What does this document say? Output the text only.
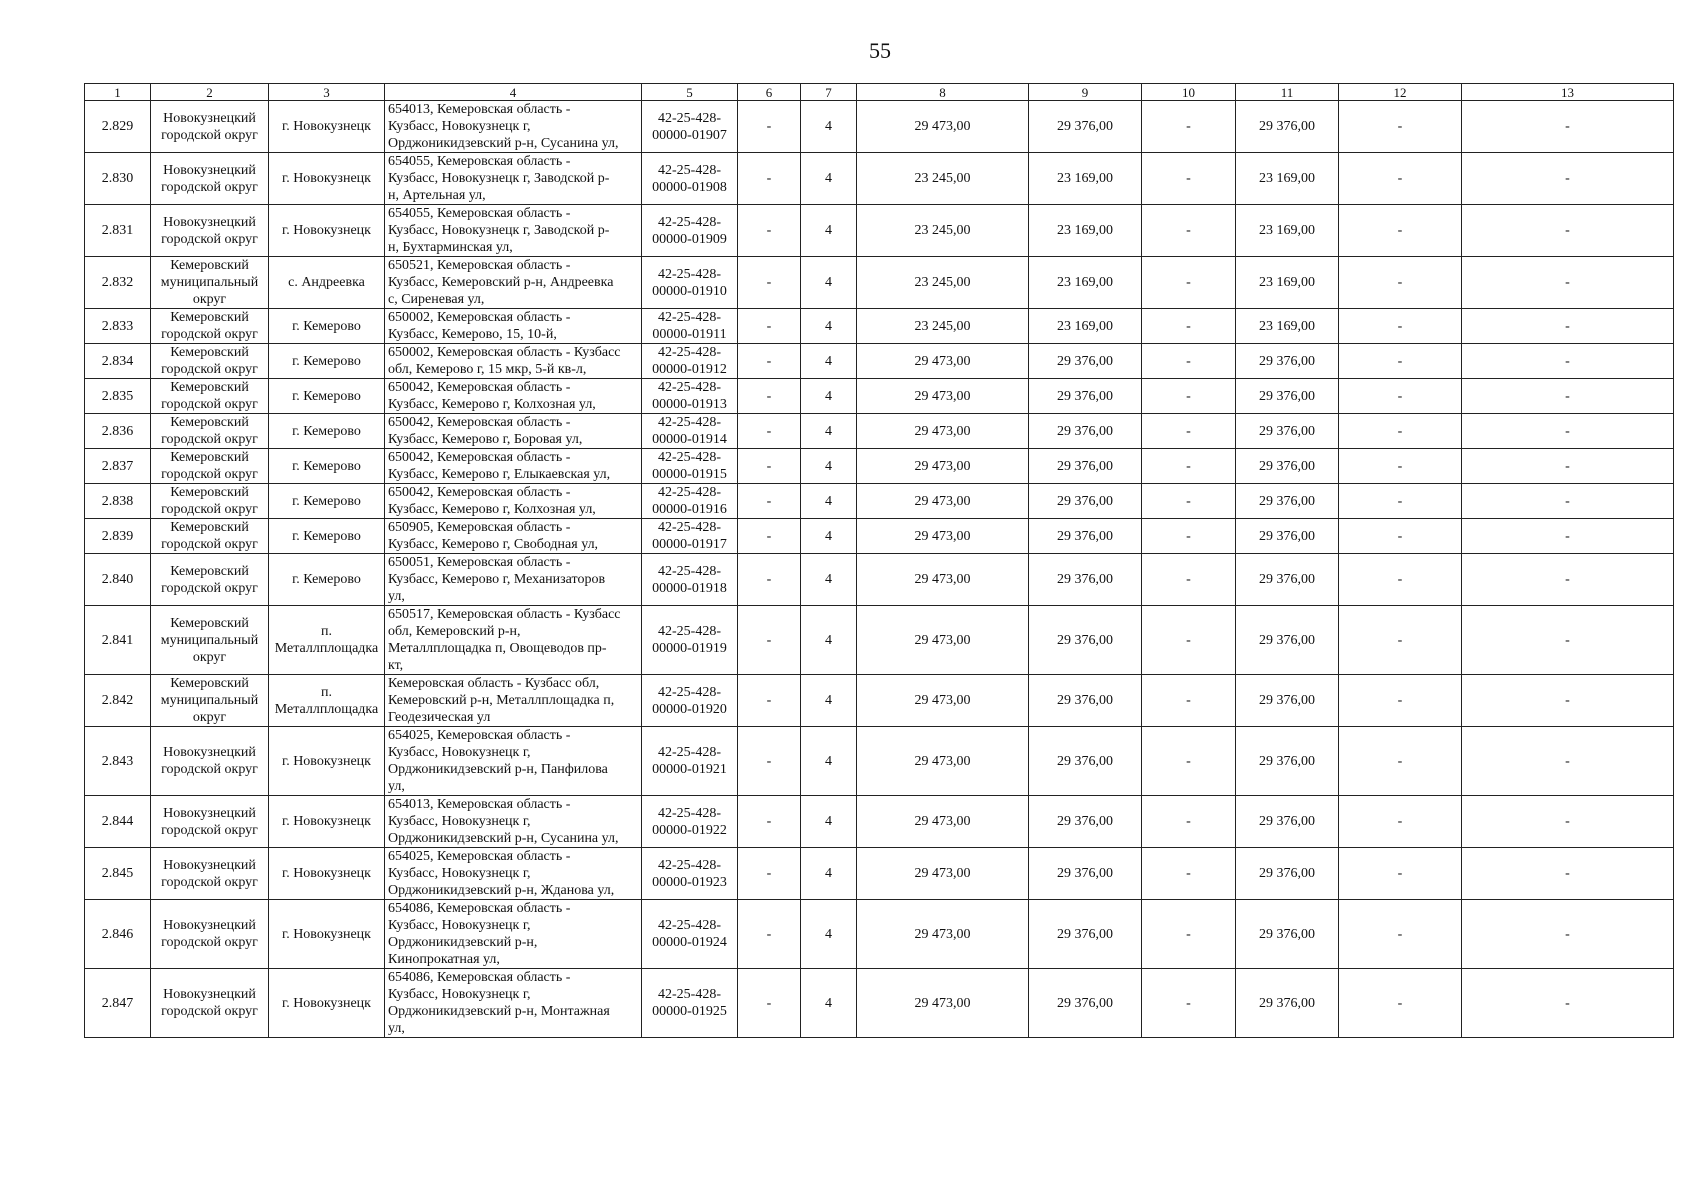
55
1	2	3	4	5	6	7	8	9	10	11	12	13
2.829	Новокузнецкий
городской округ	г. Новокузнецк	654013, Кемеровская область -
Кузбасс, Новокузнецк г,
Орджоникидзевский р-н, Сусанина ул,	42-25-428-
00000-01907	-	4	29 473,00	29 376,00	-	29 376,00	-	-
2.830	Новокузнецкий
городской округ	г. Новокузнецк	654055, Кемеровская область -
Кузбасс, Новокузнецк г, Заводской р-
н, Артельная ул,	42-25-428-
00000-01908	-	4	23 245,00	23 169,00	-	23 169,00	-	-
2.831	Новокузнецкий
городской округ	г. Новокузнецк	654055, Кемеровская область -
Кузбасс, Новокузнецк г, Заводской р-
н, Бухтарминская ул,	42-25-428-
00000-01909	-	4	23 245,00	23 169,00	-	23 169,00	-	-
2.832	Кемеровский
муниципальный
округ	с. Андреевка	650521, Кемеровская область -
Кузбасс, Кемеровский р-н, Андреевка
с, Сиреневая ул,	42-25-428-
00000-01910	-	4	23 245,00	23 169,00	-	23 169,00	-	-
2.833	Кемеровский
городской округ	г. Кемерово	650002, Кемеровская область -
Кузбасс, Кемерово, 15, 10-й,	42-25-428-
00000-01911	-	4	23 245,00	23 169,00	-	23 169,00	-	-
2.834	Кемеровский
городской округ	г. Кемерово	650002, Кемеровская область - Кузбасс
обл, Кемерово г, 15 мкр, 5-й кв-л,	42-25-428-
00000-01912	-	4	29 473,00	29 376,00	-	29 376,00	-	-
2.835	Кемеровский
городской округ	г. Кемерово	650042, Кемеровская область -
Кузбасс, Кемерово г, Колхозная ул,	42-25-428-
00000-01913	-	4	29 473,00	29 376,00	-	29 376,00	-	-
2.836	Кемеровский
городской округ	г. Кемерово	650042, Кемеровская область -
Кузбасс, Кемерово г, Боровая ул,	42-25-428-
00000-01914	-	4	29 473,00	29 376,00	-	29 376,00	-	-
2.837	Кемеровский
городской округ	г. Кемерово	650042, Кемеровская область -
Кузбасс, Кемерово г, Елыкаевская ул,	42-25-428-
00000-01915	-	4	29 473,00	29 376,00	-	29 376,00	-	-
2.838	Кемеровский
городской округ	г. Кемерово	650042, Кемеровская область -
Кузбасс, Кемерово г, Колхозная ул,	42-25-428-
00000-01916	-	4	29 473,00	29 376,00	-	29 376,00	-	-
2.839	Кемеровский
городской округ	г. Кемерово	650905, Кемеровская область -
Кузбасс, Кемерово г, Свободная ул,	42-25-428-
00000-01917	-	4	29 473,00	29 376,00	-	29 376,00	-	-
2.840	Кемеровский
городской округ	г. Кемерово	650051, Кемеровская область -
Кузбасс, Кемерово г, Механизаторов
ул,	42-25-428-
00000-01918	-	4	29 473,00	29 376,00	-	29 376,00	-	-
2.841	Кемеровский
муниципальный
округ	п.
Металлплощадка	650517, Кемеровская область - Кузбасс
обл, Кемеровский р-н,
Металлплощадка п, Овощеводов пр-
кт,	42-25-428-
00000-01919	-	4	29 473,00	29 376,00	-	29 376,00	-	-
2.842	Кемеровский
муниципальный
округ	п.
Металлплощадка	Кемеровская область - Кузбасс обл,
Кемеровский р-н, Металлплощадка п,
Геодезическая ул	42-25-428-
00000-01920	-	4	29 473,00	29 376,00	-	29 376,00	-	-
2.843	Новокузнецкий
городской округ	г. Новокузнецк	654025, Кемеровская область -
Кузбасс, Новокузнецк г,
Орджоникидзевский р-н, Панфилова
ул,	42-25-428-
00000-01921	-	4	29 473,00	29 376,00	-	29 376,00	-	-
2.844	Новокузнецкий
городской округ	г. Новокузнецк	654013, Кемеровская область -
Кузбасс, Новокузнецк г,
Орджоникидзевский р-н, Сусанина ул,	42-25-428-
00000-01922	-	4	29 473,00	29 376,00	-	29 376,00	-	-
2.845	Новокузнецкий
городской округ	г. Новокузнецк	654025, Кемеровская область -
Кузбасс, Новокузнецк г,
Орджоникидзевский р-н, Жданова ул,	42-25-428-
00000-01923	-	4	29 473,00	29 376,00	-	29 376,00	-	-
2.846	Новокузнецкий
городской округ	г. Новокузнецк	654086, Кемеровская область -
Кузбасс, Новокузнецк г,
Орджоникидзевский р-н,
Кинопрокатная ул,	42-25-428-
00000-01924	-	4	29 473,00	29 376,00	-	29 376,00	-	-
2.847	Новокузнецкий
городской округ	г. Новокузнецк	654086, Кемеровская область -
Кузбасс, Новокузнецк г,
Орджоникидзевский р-н, Монтажная
ул,	42-25-428-
00000-01925	-	4	29 473,00	29 376,00	-	29 376,00	-	-
